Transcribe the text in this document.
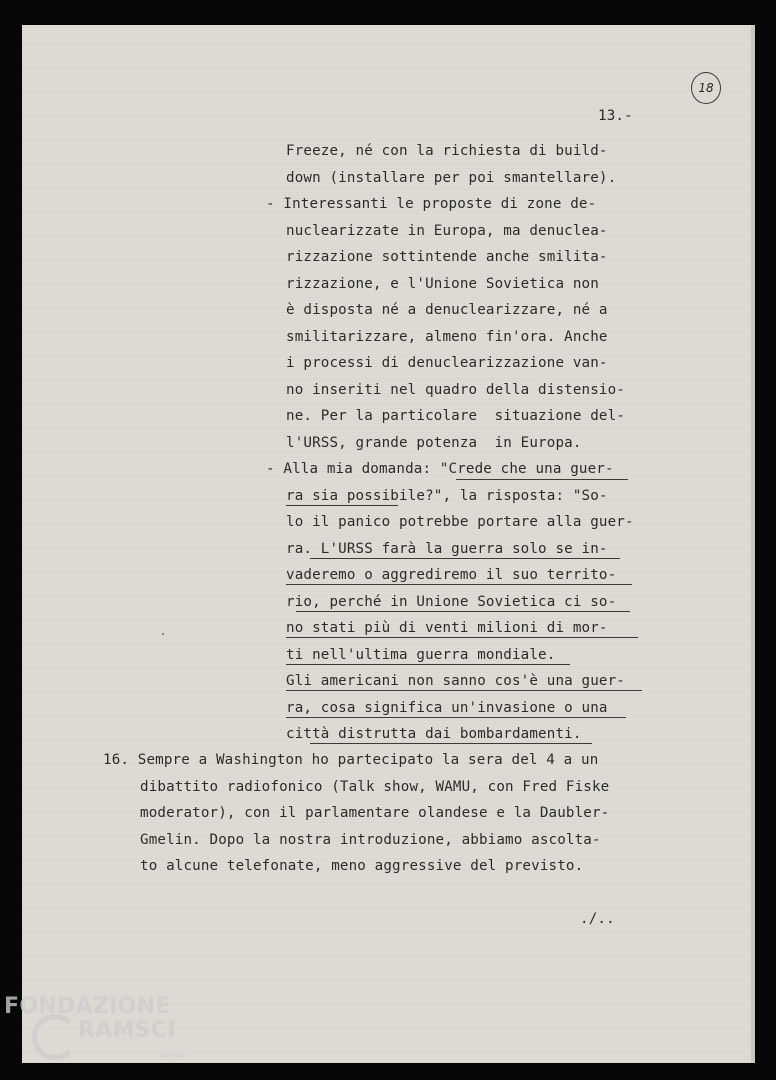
18
13.-
Freeze, né con la richiesta di build-
down (installare per poi smantellare).
- Interessanti le proposte di zone de-
nuclearizzate in Europa, ma denuclea-
rizzazione sottintende anche smilita-
rizzazione, e l'Unione Sovietica non
è disposta né a denuclearizzare, né a
smilitarizzare, almeno fin'ora. Anche
i processi di denuclearizzazione van-
no inseriti nel quadro della distensio-
ne. Per la particolare  situazione del-
l'URSS, grande potenza  in Europa.
- Alla mia domanda: "Crede che una guer-
ra sia possibile?", la risposta: "So-
lo il panico potrebbe portare alla guer-
ra. L'URSS farà la guerra solo se in-
vaderemo o aggrediremo il suo territo-
rio, perché in Unione Sovietica ci so-
no stati più di venti milioni di mor-
ti nell'ultima guerra mondiale.
Gli americani non sanno cos'è una guer-
ra, cosa significa un'invasione o una
città distrutta dai bombardamenti.
16. Sempre a Washington ho partecipato la sera del 4 a un
dibattito radiofonico (Talk show, WAMU, con Fred Fiske
moderator), con il parlamentare olandese e la Daubler-
Gmelin. Dopo la nostra introduzione, abbiamo ascolta-
to alcune telefonate, meno aggressive del previsto.
./..
FONDAZIONE
RAMSCI
onlus
